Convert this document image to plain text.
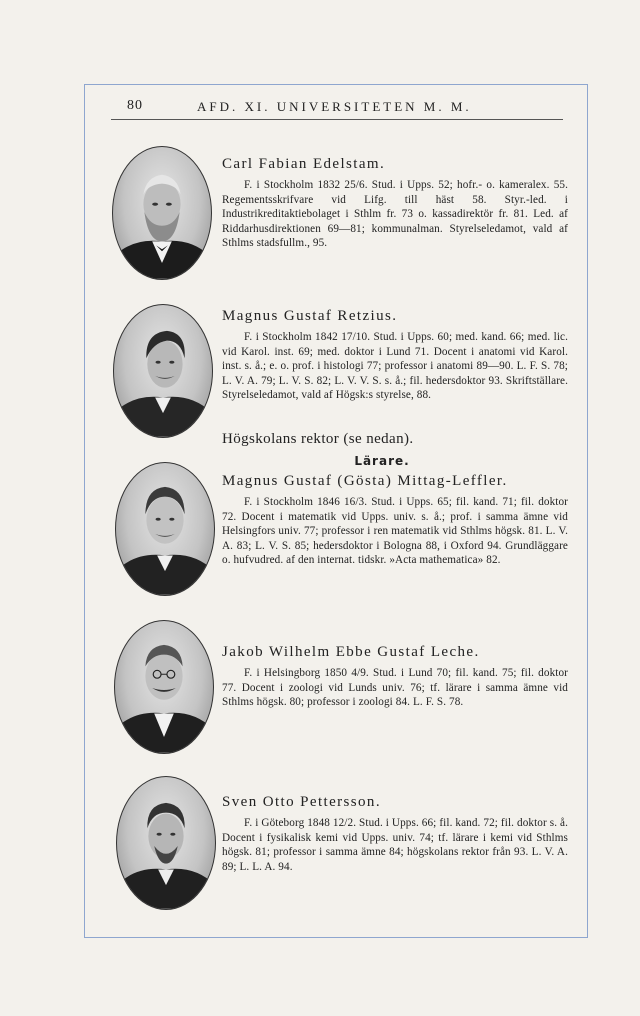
80	AFD. XI. UNIVERSITETEN M. M.
Carl Fabian Edelstam.

F. i Stockholm 1832 25/6. Stud. i Upps. 52; hofr.- o. kameralex. 55. Regementsskrifvare vid Lifg. till häst 58. Styr.-led. i Industrikreditaktiebolaget i Sthlm fr. 73 o. kassadirektör fr. 81. Led. af Riddarhusdirektionen 69—81; kommunalman. Styrelseledamot, vald af Sthlms stadsfullm., 95.

Magnus Gustaf Retzius.

F. i Stockholm 1842 17/10. Stud. i Upps. 60; med. kand. 66; med. lic. vid Karol. inst. 69; med. doktor i Lund 71. Docent i anatomi vid Karol. inst. s. å.; e. o. prof. i histologi 77; professor i anatomi 89—90. L. F. S. 78; L. V. A. 79; L. V. S. 82; L. V. V. S. s. å.; fil. hedersdoktor 93. Skriftställare. Styrelseledamot, vald af Högsk:s styrelse, 88.

Högskolans rektor (se nedan).
Lärare.
Magnus Gustaf (Gösta) Mittag-Leffler.

F. i Stockholm 1846 16/3. Stud. i Upps. 65; fil. kand. 71; fil. doktor 72. Docent i matematik vid Upps. univ. s. å.; prof. i samma ämne vid Helsingfors univ. 77; professor i ren matematik vid Sthlms högsk. 81. L. V. A. 83; L. V. S. 85; hedersdoktor i Bologna 88, i Oxford 94. Grundläggare o. hufvudred. af den internat. tidskr. »Acta mathematica» 82.

Jakob Wilhelm Ebbe Gustaf Leche.

F. i Helsingborg 1850 4/9. Stud. i Lund 70; fil. kand. 75; fil. doktor 77. Docent i zoologi vid Lunds univ. 76; tf. lärare i samma ämne vid Sthlms högsk. 80; professor i zoologi 84. L. F. S. 78.

Sven Otto Pettersson.

F. i Göteborg 1848 12/2. Stud. i Upps. 66; fil. kand. 72; fil. doktor s. å. Docent i fysikalisk kemi vid Upps. univ. 74; tf. lärare i kemi vid Sthlms högsk. 81; professor i samma ämne 84; högskolans rektor från 93. L. V. A. 89; L. L. A. 94.
